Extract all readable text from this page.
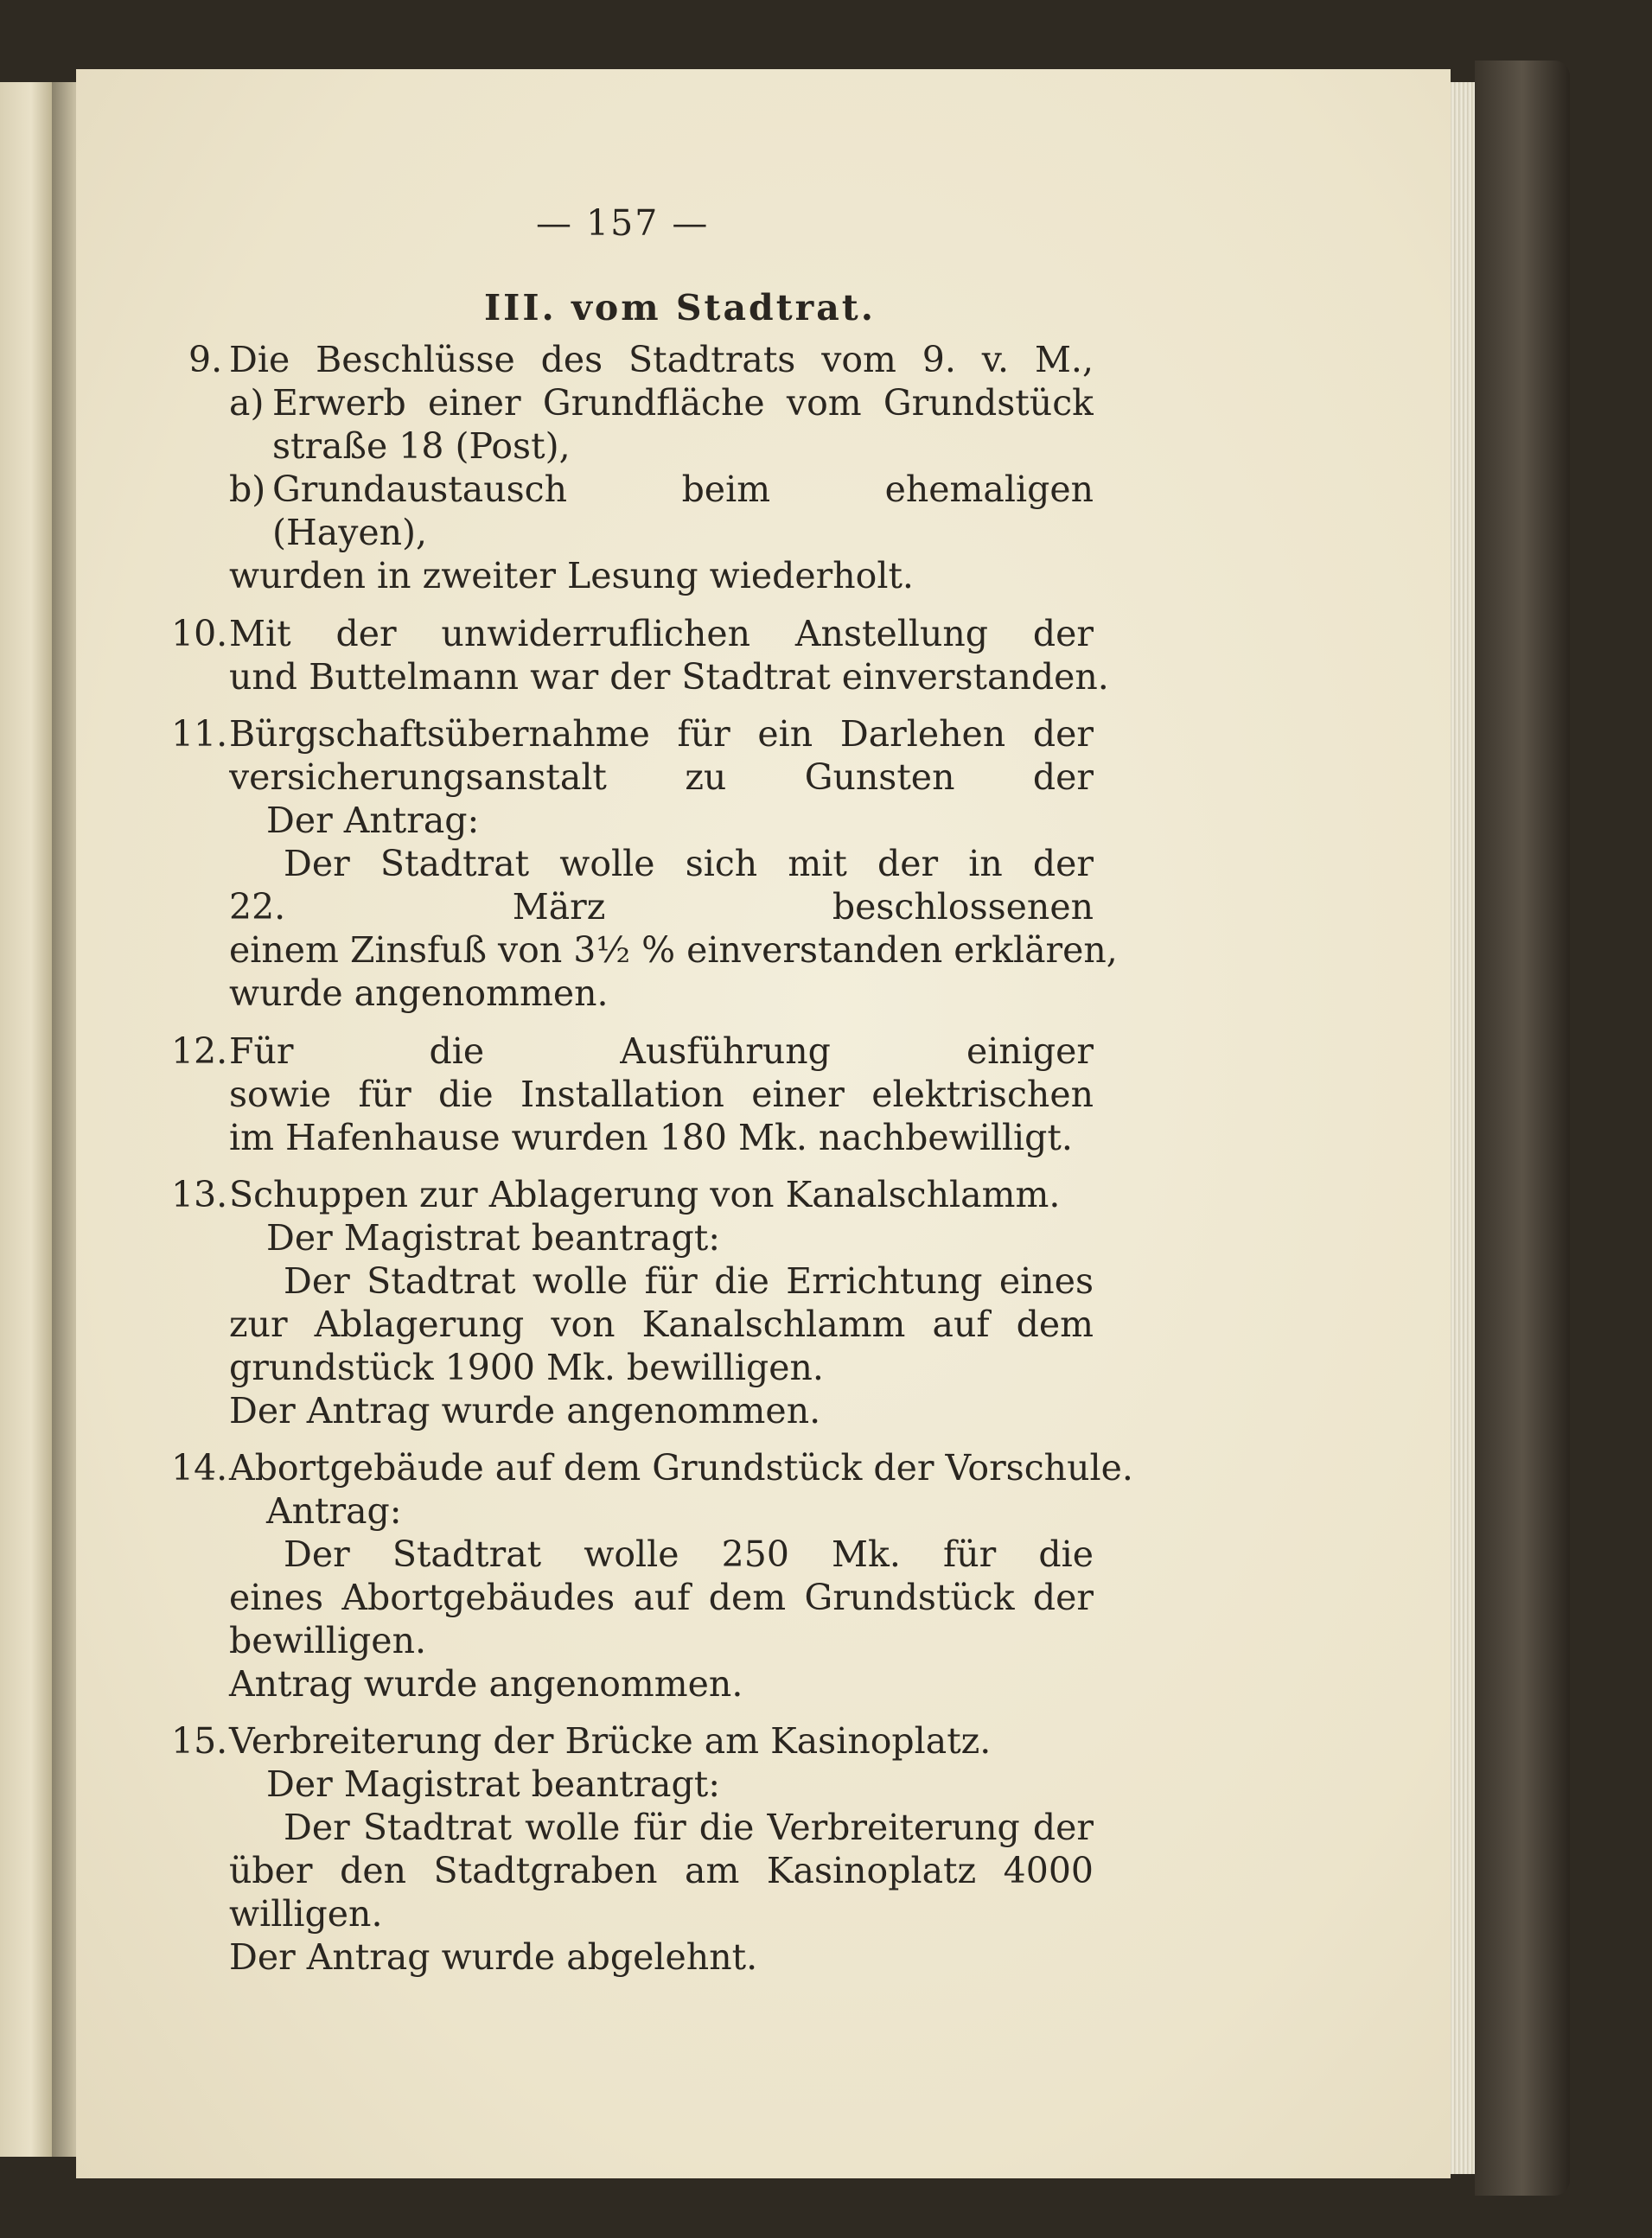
— 157 —
III. vom Stadtrat.
9. Die Beschlüsse des Stadtrats vom 9. v. M.,
a) Erwerb einer Grundfläche vom Grundstück
straße 18 (Post),
b) Grundaustausch beim ehemaligen
(Hayen),
wurden in zweiter Lesung wiederholt.
10. Mit der unwiderruflichen Anstellung der
und Buttelmann war der Stadtrat einverstanden.
11. Bürgschaftsübernahme für ein Darlehen der
versicherungsanstalt zu Gunsten der
Der Antrag:
Der Stadtrat wolle sich mit der in der
22. März beschlossenen
einem Zinsfuß von 3½ % einverstanden erklären,
wurde angenommen.
12. Für die Ausführung einiger
sowie für die Installation einer elektrischen
im Hafenhause wurden 180 Mk. nachbewilligt.
13. Schuppen zur Ablagerung von Kanalschlamm.
Der Magistrat beantragt:
Der Stadtrat wolle für die Errichtung eines
zur Ablagerung von Kanalschlamm auf dem
grundstück 1900 Mk. bewilligen.
Der Antrag wurde angenommen.
14. Abortgebäude auf dem Grundstück der Vorschule.
Antrag:
Der Stadtrat wolle 250 Mk. für die
eines Abortgebäudes auf dem Grundstück der
bewilligen.
Antrag wurde angenommen.
15. Verbreiterung der Brücke am Kasinoplatz.
Der Magistrat beantragt:
Der Stadtrat wolle für die Verbreiterung der
über den Stadtgraben am Kasinoplatz 4000
willigen.
Der Antrag wurde abgelehnt.
